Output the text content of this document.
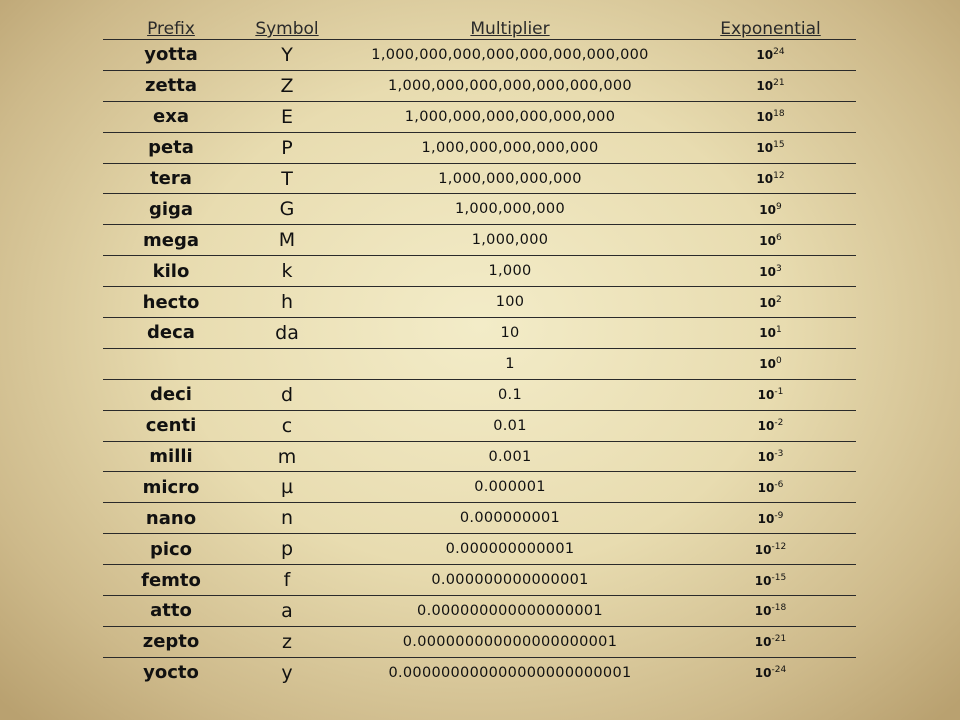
Prefix	Symbol	Multiplier	Exponential
yotta	Y	1,000,000,000,000,000,000,000,000	$10^{24}$
zetta	Z	1,000,000,000,000,000,000,000	$10^{21}$
exa	E	1,000,000,000,000,000,000	$10^{18}$
peta	P	1,000,000,000,000,000	$10^{15}$
tera	T	1,000,000,000,000	$10^{12}$
giga	G	1,000,000,000	$10^9$
mega	M	1,000,000	$10^6$
kilo	k	1,000	$10^3$
hecto	h	100	$10^2$
deca	da	10	$10^1$
		1	$10^0$
deci	d	0.1	$10^{-1}$
centi	c	0.01	$10^{-2}$
milli	m	0.001	$10^{-3}$
micro	µ	0.000001	$10^{-6}$
nano	n	0.000000001	$10^{-9}$
pico	p	0.000000000001	$10^{-12}$
femto	f	0.000000000000001	$10^{-15}$
atto	a	0.000000000000000001	$10^{-18}$
zepto	z	0.000000000000000000001	$10^{-21}$
yocto	y	0.000000000000000000000001	$10^{-24}$
